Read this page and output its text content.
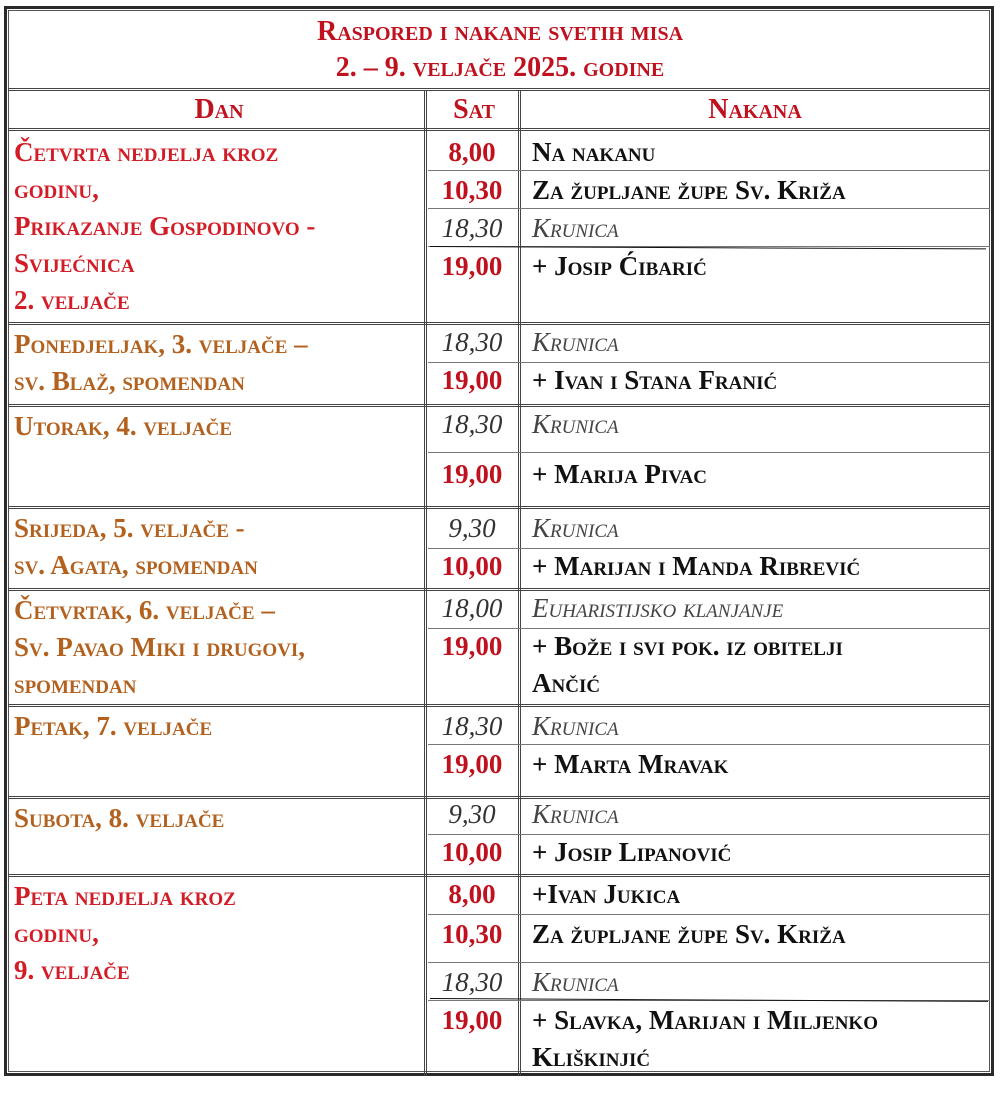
Raspored i nakane svetih misa
2. – 9. veljače 2025. godine
Dan	Sat	Nakana
Četvrta nedjelja kroz
godinu,
Prikazanje Gospodinovo -
Svijećnica
2. veljače
8,00	Na nakanu
10,30	Za župljane župe Sv. Križa
18,30	Krunica
19,00	+ Josip Ćibarić
Ponedjeljak, 3. veljače –
sv. Blaž, spomendan
18,30	Krunica
19,00	+ Ivan i Stana Franić
Utorak, 4. veljače	18,30	Krunica
19,00	+ Marija Pivac
Srijeda, 5. veljače -
sv. Agata, spomendan
9,30	Krunica
10,00	+ Marijan i Manda Ribrević
Četvrtak, 6. veljače –
Sv. Pavao Miki i drugovi,
spomendan
18,00	Euharistijsko klanjanje
19,00	+ Bože i svi pok. iz obitelji
Ančić
Petak, 7. veljače	18,30	Krunica
19,00	+ Marta Mravak
Subota, 8. veljače	9,30	Krunica
10,00	+ Josip Lipanović
Peta nedjelja kroz
godinu,
9. veljače
8,00	+Ivan Jukica
10,30	Za župljane župe Sv. Križa
18,30	Krunica
19,00	+ Slavka, Marijan i Miljenko
Kliškinjić
